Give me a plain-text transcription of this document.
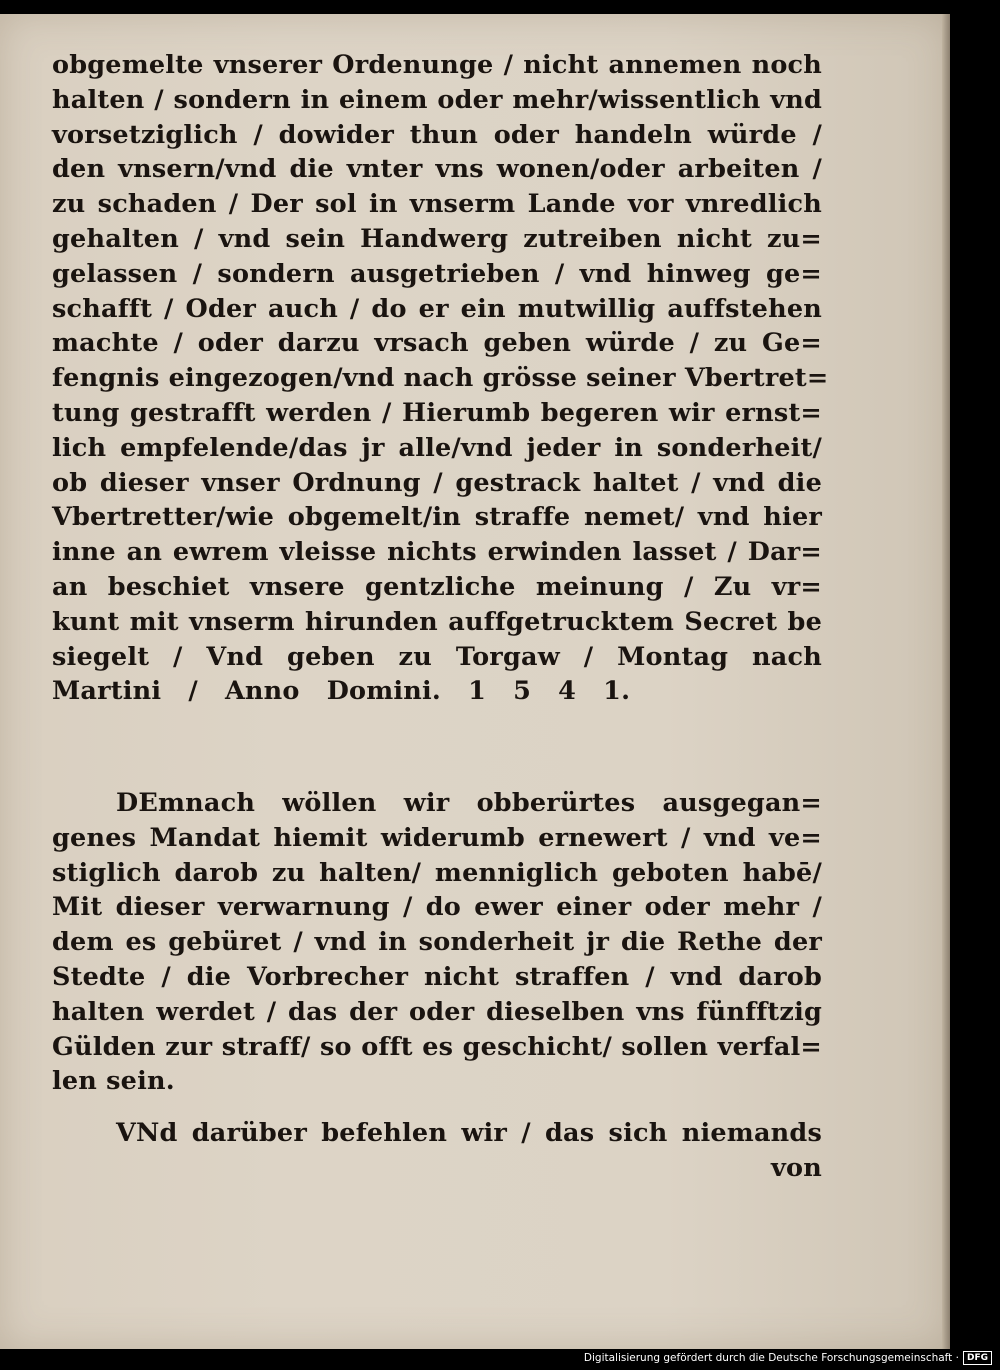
obgemelte vnserer Ordenunge / nicht annemen noch
halten / sondern in einem oder mehr/wissentlich vnd
vorsetziglich / dowider thun oder handeln würde /
den vnsern/vnd die vnter vns wonen/oder arbeiten /
zu schaden / Der sol in vnserm Lande vor vnredlich
gehalten / vnd sein Handwerg zutreiben nicht zu=
gelassen / sondern ausgetrieben / vnd hinweg ge=
schafft / Oder auch / do er ein mutwillig auffstehen
machte / oder darzu vrsach geben würde / zu Ge=
fengnis eingezogen/vnd nach grösse seiner Vbertret=
tung gestrafft werden / Hierumb begeren wir ernst=
lich empfelende/das jr alle/vnd jeder in sonderheit/
ob dieser vnser Ordnung / gestrack haltet / vnd die
Vbertretter/wie obgemelt/in straffe nemet/ vnd hier
inne an ewrem vleisse nichts erwinden lasset / Dar=
an beschiet vnsere gentzliche meinung / Zu vr=
kunt mit vnserm hirunden auffgetrucktem Secret be
siegelt / Vnd geben zu Torgaw / Montag nach
Martini / Anno Domini. 1 5 4 1.
DEmnach wöllen wir obberürtes ausgegan=
genes Mandat hiemit widerumb ernewert / vnd ve=
stiglich darob zu halten/ menniglich geboten habē/
Mit dieser verwarnung / do ewer einer oder mehr /
dem es gebüret / vnd in sonderheit jr die Rethe der
Stedte / die Vorbrecher nicht straffen / vnd darob
halten werdet / das der oder dieselben vns fünfftzig
Gülden zur straff/ so offt es geschicht/ sollen verfal=
len sein.
VNd darüber befehlen wir / das sich niemands
von
Digitalisierung gefördert durch die Deutsche Forschungsgemeinschaft · DFG
